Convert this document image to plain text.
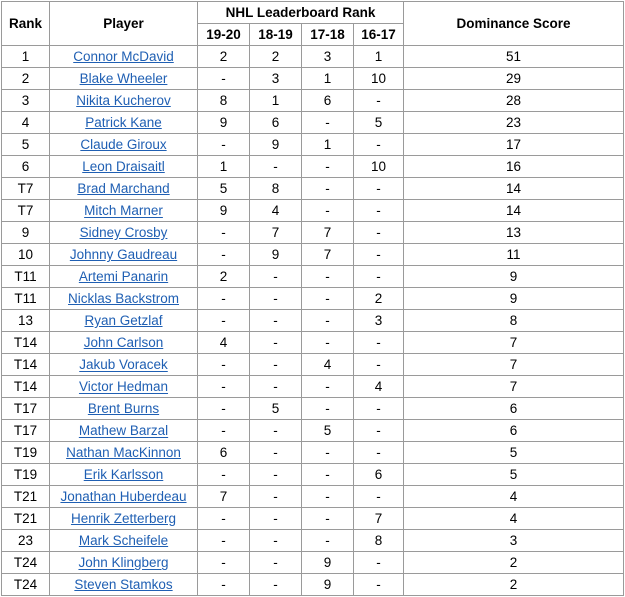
Rank	Player	NHL Leaderboard Rank				Dominance Score
		19-20	18-19	17-18	16-17	
1	Connor McDavid	2	2	3	1	51
2	Blake Wheeler	-	3	1	10	29
3	Nikita Kucherov	8	1	6	-	28
4	Patrick Kane	9	6	-	5	23
5	Claude Giroux	-	9	1	-	17
6	Leon Draisaitl	1	-	-	10	16
T7	Brad Marchand	5	8	-	-	14
T7	Mitch Marner	9	4	-	-	14
9	Sidney Crosby	-	7	7	-	13
10	Johnny Gaudreau	-	9	7	-	11
T11	Artemi Panarin	2	-	-	-	9
T11	Nicklas Backstrom	-	-	-	2	9
13	Ryan Getzlaf	-	-	-	3	8
T14	John Carlson	4	-	-	-	7
T14	Jakub Voracek	-	-	4	-	7
T14	Victor Hedman	-	-	-	4	7
T17	Brent Burns	-	5	-	-	6
T17	Mathew Barzal	-	-	5	-	6
T19	Nathan MacKinnon	6	-	-	-	5
T19	Erik Karlsson	-	-	-	6	5
T21	Jonathan Huberdeau	7	-	-	-	4
T21	Henrik Zetterberg	-	-	-	7	4
23	Mark Scheifele	-	-	-	8	3
T24	John Klingberg	-	-	9	-	2
T24	Steven Stamkos	-	-	9	-	2
